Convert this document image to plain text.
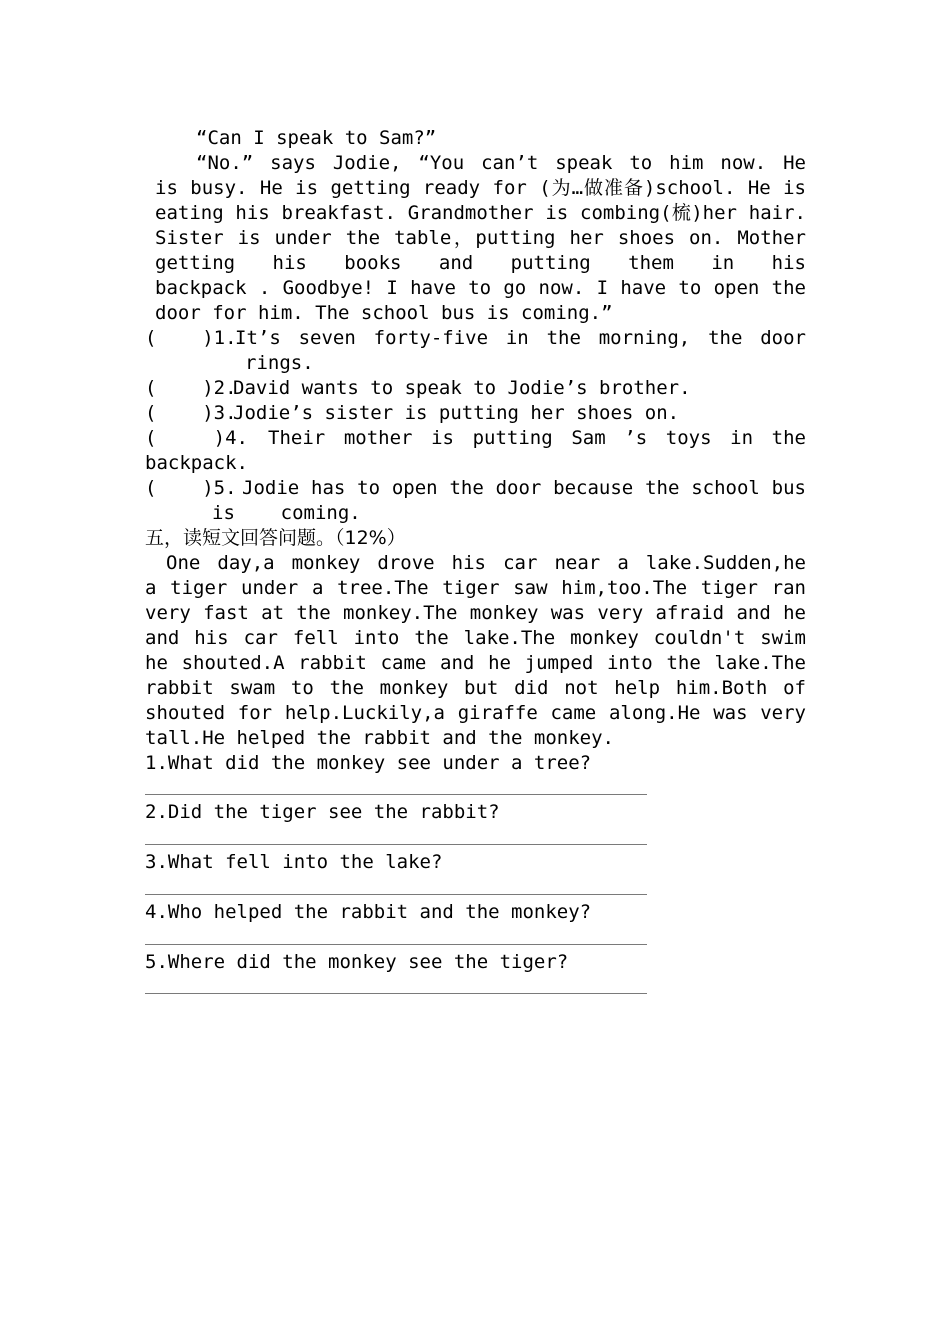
“Can I speak to Sam?”
“No.” says Jodie, “You can’t speak to him now. He
is busy. He is getting ready for (为…做准备)school. He is
eating his breakfast. Grandmother is combing(梳)her hair.
Sister is under the table，putting her shoes on. Mother
getting his books and putting them in his
backpack . Goodbye! I have to go now. I have to open the
door for him. The school bus is coming.”
(    )1.
It’s seven forty-five in the morning, the door
rings.
(    )2.
David wants to speak to Jodie’s brother.
(    )3.
Jodie’s sister is putting her shoes on.
(     )4. Their mother is putting Sam ’s toys in the
backpack.
(    )5. Jodie has to open the door because the school bus
is    coming.
五，读短文回答问题。（12%）
One day,a monkey drove his car near a lake.Sudden,he
a tiger under a tree.The tiger saw him,too.The tiger ran
very fast at the monkey.The monkey was very afraid and he
and his car fell into the lake.The monkey couldn't swim
he shouted.A rabbit came and he jumped into the lake.The
rabbit swam to the monkey but did not help him.Both of
shouted for help.Luckily,a giraffe came along.He was very
tall.He helped the rabbit and the monkey.
1.What did the monkey see under a tree?
2.Did the tiger see the rabbit?
3.What fell into the lake?
4.Who helped the rabbit and the monkey?
5.Where did the monkey see the tiger?
